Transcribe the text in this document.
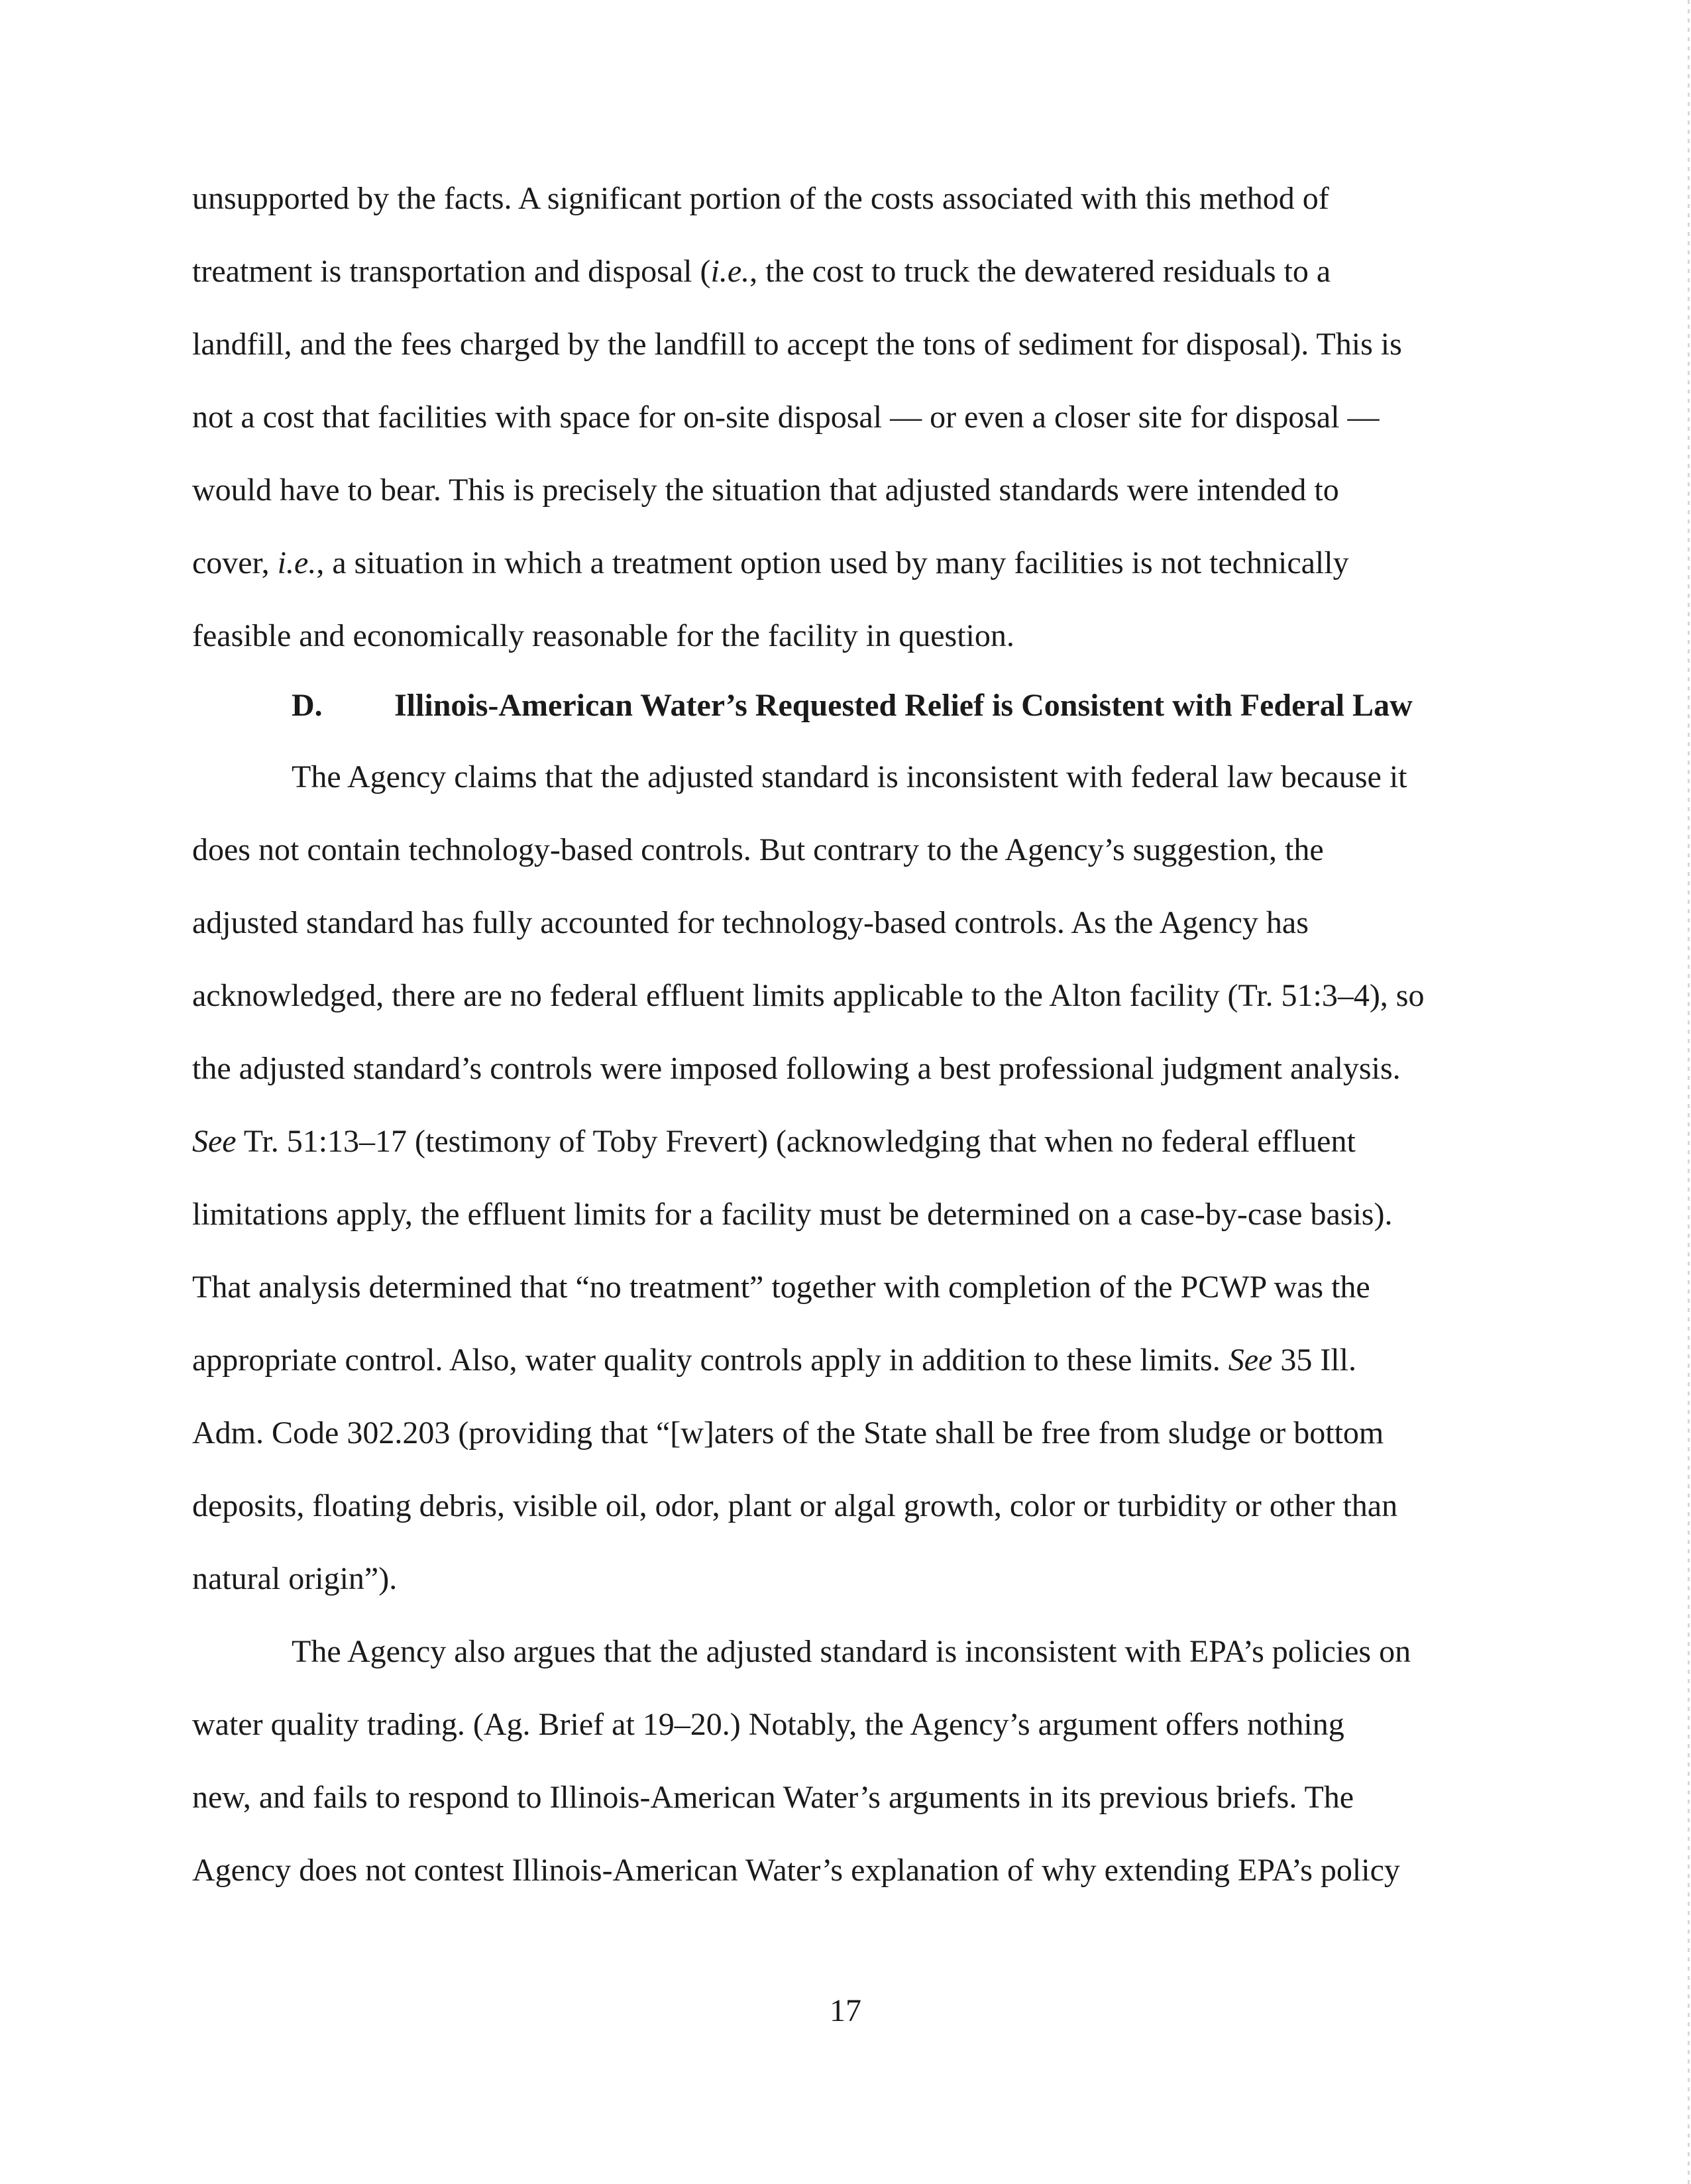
unsupported by the facts. A significant portion of the costs associated with this method of
treatment is transportation and disposal (i.e., the cost to truck the dewatered residuals to a
landfill, and the fees charged by the landfill to accept the tons of sediment for disposal). This is
not a cost that facilities with space for on-site disposal — or even a closer site for disposal —
would have to bear. This is precisely the situation that adjusted standards were intended to
cover, i.e., a situation in which a treatment option used by many facilities is not technically
feasible and economically reasonable for the facility in question.
D. Illinois-American Water’s Requested Relief is Consistent with Federal Law
The Agency claims that the adjusted standard is inconsistent with federal law because it
does not contain technology-based controls. But contrary to the Agency’s suggestion, the
adjusted standard has fully accounted for technology-based controls. As the Agency has
acknowledged, there are no federal effluent limits applicable to the Alton facility (Tr. 51:3–4), so
the adjusted standard’s controls were imposed following a best professional judgment analysis.
See Tr. 51:13–17 (testimony of Toby Frevert) (acknowledging that when no federal effluent
limitations apply, the effluent limits for a facility must be determined on a case-by-case basis).
That analysis determined that “no treatment” together with completion of the PCWP was the
appropriate control. Also, water quality controls apply in addition to these limits. See 35 Ill.
Adm. Code 302.203 (providing that “[w]aters of the State shall be free from sludge or bottom
deposits, floating debris, visible oil, odor, plant or algal growth, color or turbidity or other than
natural origin”).
The Agency also argues that the adjusted standard is inconsistent with EPA’s policies on
water quality trading. (Ag. Brief at 19–20.) Notably, the Agency’s argument offers nothing
new, and fails to respond to Illinois-American Water’s arguments in its previous briefs. The
Agency does not contest Illinois-American Water’s explanation of why extending EPA’s policy
17
